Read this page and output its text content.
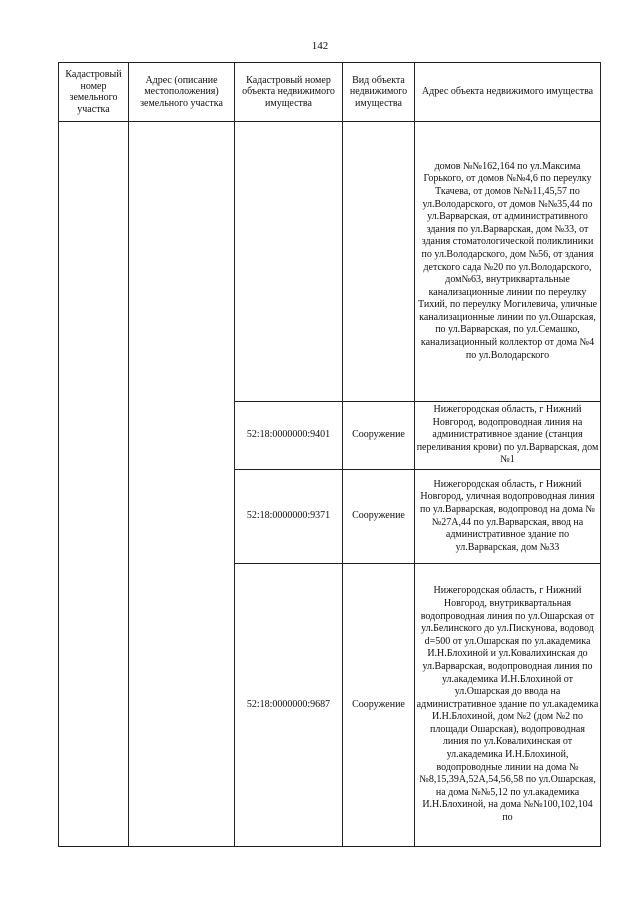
142
Кадастровый номер земельного участка	Адрес (описание местоположения) земельного участка	Кадастровый номер объекта недвижимого имущества	Вид объекта недвижимого имущества	Адрес объекта недвижимого имущества
				домов №№162,164 по ул.Максима Горького, от домов №№4,6 по переулку Ткачева, от домов №№11,45,57 по ул.Володарского, от домов №№35,44 по ул.Варварская, от административного здания по ул.Варварская, дом №33, от здания стоматологической поликлиники по ул.Володарского, дом №56, от здания детского сада №20 по ул.Володарского, дом№63, внутриквартальные канализационные линии по переулку Тихий, по переулку Могилевича, уличные канализационные линии по ул.Ошарская, по ул.Варварская, по ул.Семашко, канализационный коллектор от дома №4 по ул.Володарского
		52:18:0000000:9401	Сооружение	Нижегородская область, г Нижний Новгород, водопроводная линия на административное здание (станция переливания крови) по ул.Варварская, дом №1
		52:18:0000000:9371	Сооружение	Нижегородская область, г Нижний Новгород, уличная водопроводная линия по ул.Варварская, водопровод на дома №№27А,44 по ул.Варварская, ввод на административное здание по ул.Варварская, дом №33
		52:18:0000000:9687	Сооружение	Нижегородская область, г Нижний Новгород, внутриквартальная водопроводная линия по ул.Ошарская от ул.Белинского до ул.Пискунова, водовод d=500 от ул.Ошарская по ул.академика И.Н.Блохиной и ул.Ковалихинская до ул.Варварская, водопроводная линия по ул.академика И.Н.Блохиной от ул.Ошарская до ввода на административное здание по ул.академика И.Н.Блохиной, дом №2 (дом №2 по площади Ошарская), водопроводная линия по ул.Ковалихинская от ул.академика И.Н.Блохиной, водопроводные линии на дома №№8,15,39А,52А,54,56,58 по ул.Ошарская, на дома №№5,12 по ул.академика И.Н.Блохиной, на дома №№100,102,104 по
